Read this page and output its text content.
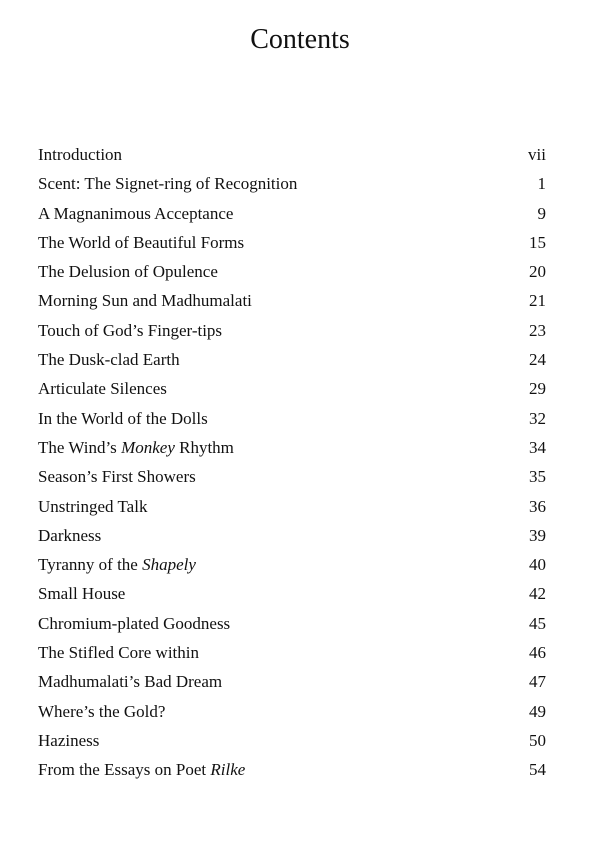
Contents
Introduction	vii
Scent: The Signet-ring of Recognition	1
A Magnanimous Acceptance	9
The World of Beautiful Forms	15
The Delusion of Opulence	20
Morning Sun and Madhumalati	21
Touch of God’s Finger-tips	23
The Dusk-clad Earth	24
Articulate Silences	29
In the World of the Dolls	32
The Wind’s Monkey Rhythm	34
Season’s First Showers	35
Unstringed Talk	36
Darkness	39
Tyranny of the Shapely	40
Small House	42
Chromium-plated Goodness	45
The Stifled Core within	46
Madhumalati’s Bad Dream	47
Where’s the Gold?	49
Haziness	50
From the Essays on Poet Rilke	54
